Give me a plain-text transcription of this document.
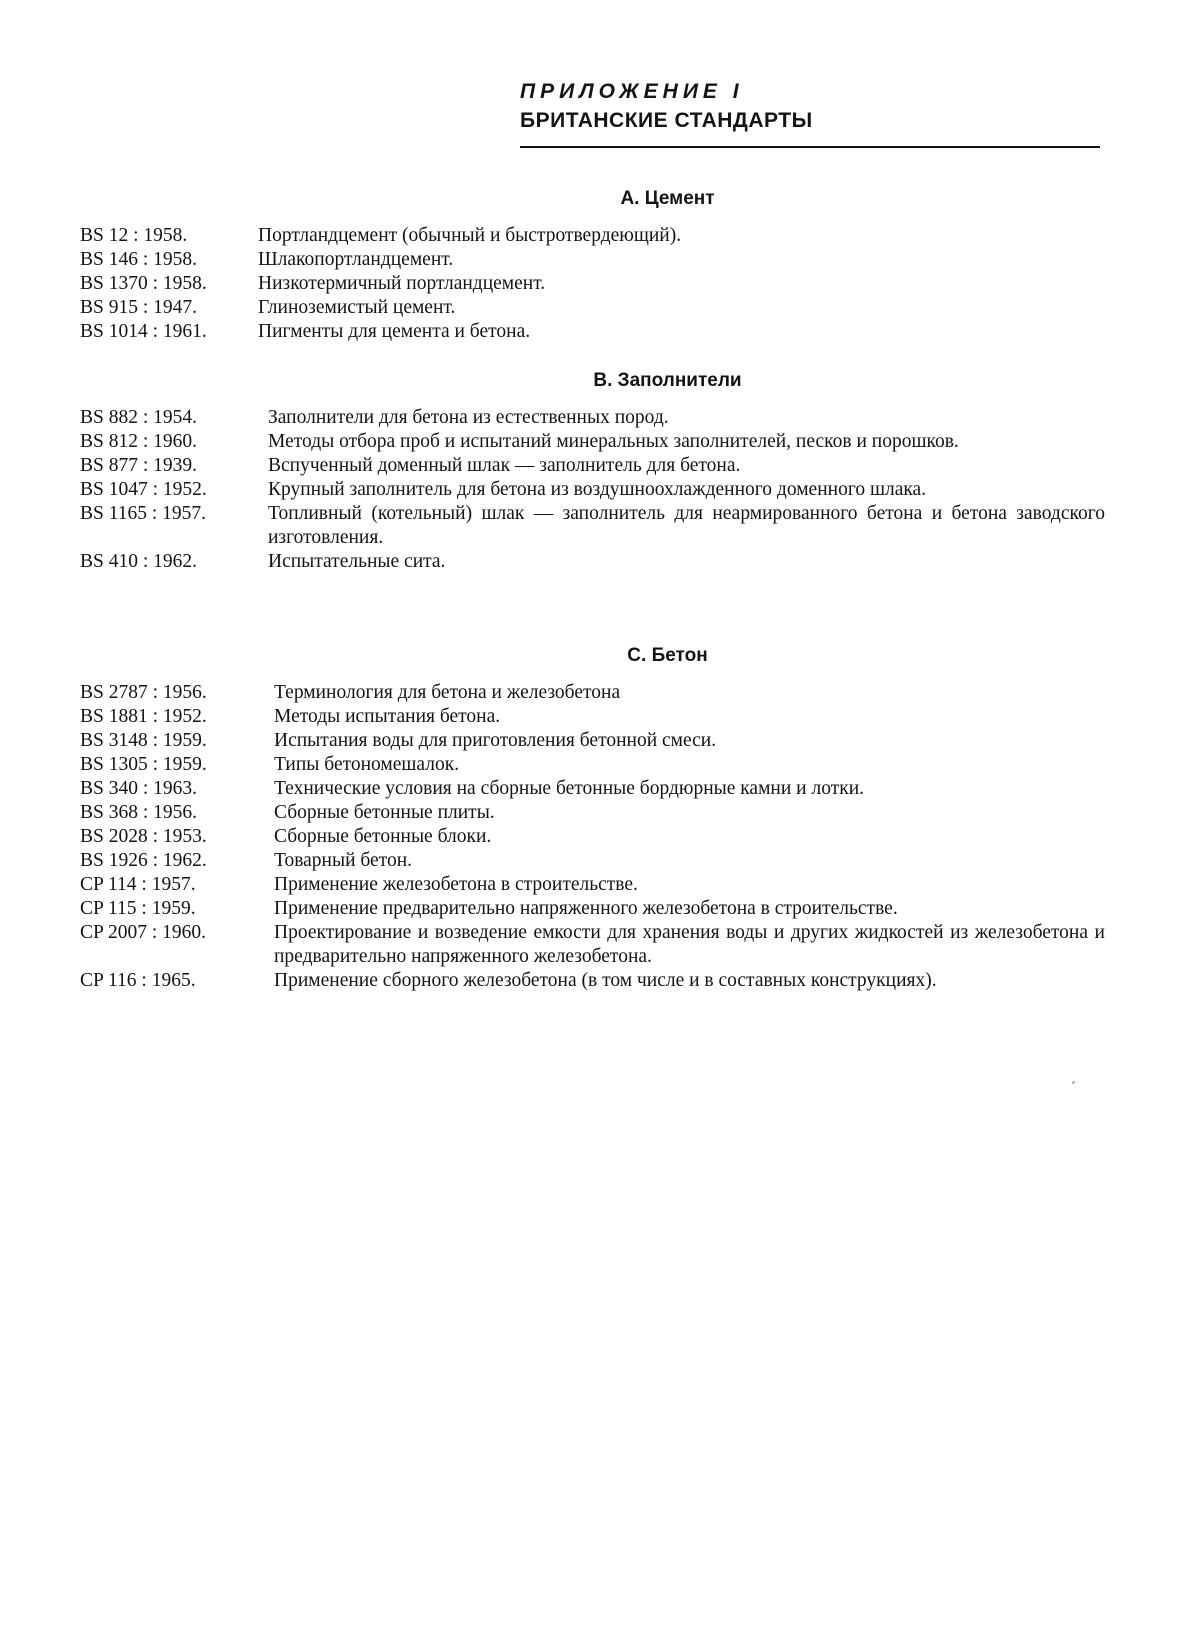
ПРИЛОЖЕНИЕ I
БРИТАНСКИЕ СТАНДАРТЫ
А. Цемент
BS 12 : 1958.	Портландцемент (обычный и быстротвердеющий).
BS 146 : 1958.	Шлакопортландцемент.
BS 1370 : 1958.	Низкотермичный портландцемент.
BS 915 : 1947.	Глиноземистый цемент.
BS 1014 : 1961.	Пигменты для цемента и бетона.
В. Заполнители
BS 882 : 1954.	Заполнители для бетона из естественных пород.
BS 812 : 1960.	Методы отбора проб и испытаний минеральных заполнителей, песков и порошков.
BS 877 : 1939.	Вспученный доменный шлак — заполнитель для бетона.
BS 1047 : 1952.	Крупный заполнитель для бетона из воздушноохлажденного доменного шлака.
BS 1165 : 1957.	Топливный (котельный) шлак — заполнитель для неармированного бетона и бетона заводского изготовления.
BS 410 : 1962.	Испытательные сита.
С. Бетон
BS 2787 : 1956.	Терминология для бетона и железобетона
BS 1881 : 1952.	Методы испытания бетона.
BS 3148 : 1959.	Испытания воды для приготовления бетонной смеси.
BS 1305 : 1959.	Типы бетономешалок.
BS 340 : 1963.	Технические условия на сборные бетонные бордюрные камни и лотки.
BS 368 : 1956.	Сборные бетонные плиты.
BS 2028 : 1953.	Сборные бетонные блоки.
BS 1926 : 1962.	Товарный бетон.
CP 114 : 1957.	Применение железобетона в строительстве.
CP 115 : 1959.	Применение предварительно напряженного железобетона в строительстве.
CP 2007 : 1960.	Проектирование и возведение емкости для хранения воды и других жидкостей из железобетона и предварительно напряженного железобетона.
CP 116 : 1965.	Применение сборного железобетона (в том числе и в составных конструкциях).
